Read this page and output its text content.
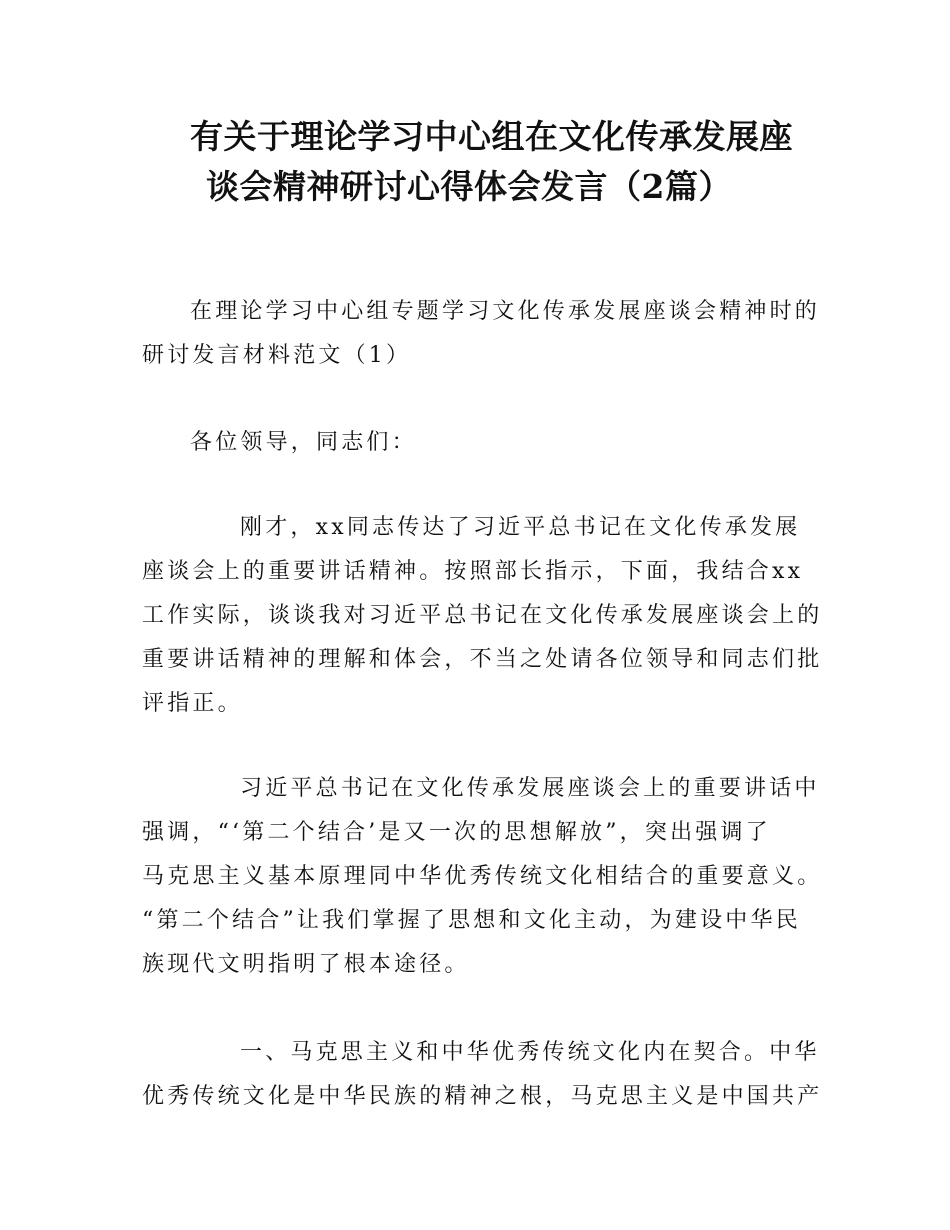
有关于理论学习中心组在文化传承发展座
谈会精神研讨心得体会发言（2篇）

在理论学习中心组专题学习文化传承发展座谈会精神时的
研讨发言材料范文（1）

各位领导，同志们：

刚才，xx同志传达了习近平总书记在文化传承发展
座谈会上的重要讲话精神。按照部长指示，下面，我结合xx
工作实际，谈谈我对习近平总书记在文化传承发展座谈会上的
重要讲话精神的理解和体会，不当之处请各位领导和同志们批
评指正。

习近平总书记在文化传承发展座谈会上的重要讲话中
强调，“‘第二个结合’是又一次的思想解放”，突出强调了
马克思主义基本原理同中华优秀传统文化相结合的重要意义。
“第二个结合”让我们掌握了思想和文化主动，为建设中华民
族现代文明指明了根本途径。

一、马克思主义和中华优秀传统文化内在契合。中华
优秀传统文化是中华民族的精神之根，马克思主义是中国共产
